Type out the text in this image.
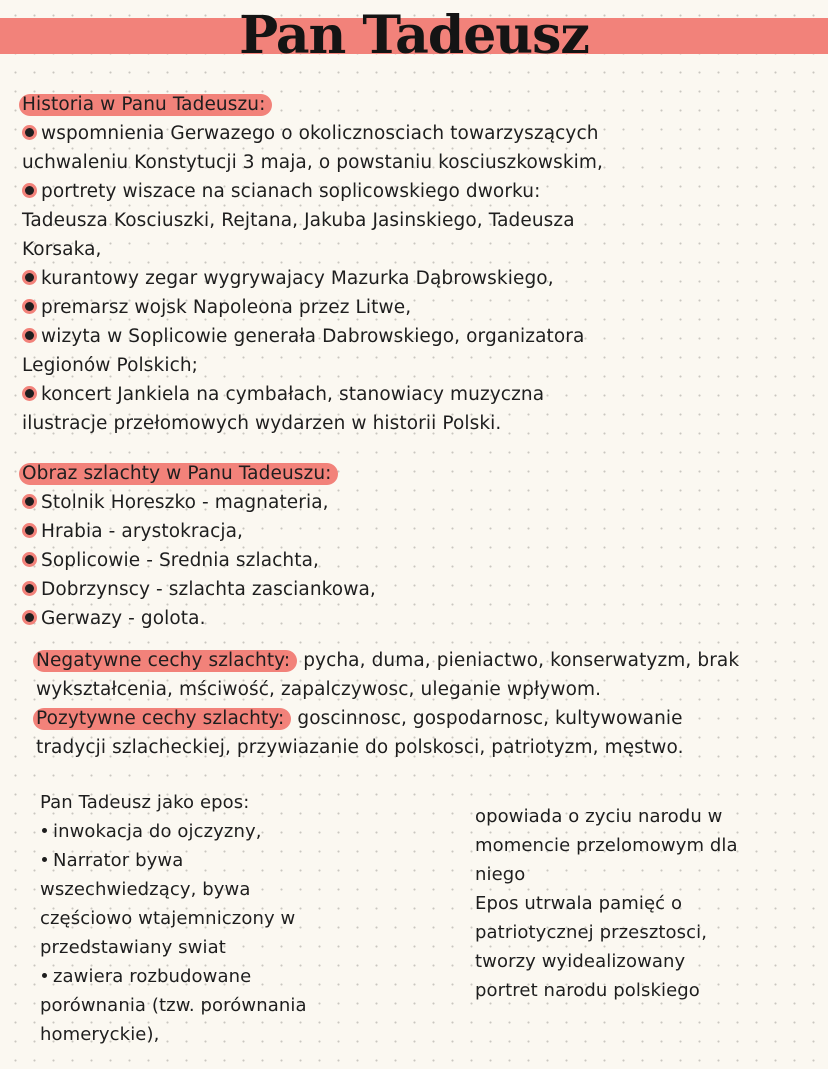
Pan Tadeusz
Historia w Panu Tadeuszu:
wspomnienia Gerwazego o okolicznosciach towarzyszących
uchwaleniu Konstytucji 3 maja, o powstaniu kosciuszkowskim,
portrety wiszace na scianach soplicowskiego dworku:
Tadeusza Kosciuszki, Rejtana, Jakuba Jasinskiego, Tadeusza
Korsaka,
kurantowy zegar wygrywajacy Mazurka Dąbrowskiego,
premarsz wojsk Napoleona przez Litwe,
wizyta w Soplicowie generała Dabrowskiego, organizatora
Legionów Polskich;
koncert Jankiela na cymbałach, stanowiacy muzyczna
ilustracje przełomowych wydarzen w historii Polski.
Obraz szlachty w Panu Tadeuszu:
Stolnik Horeszko - magnateria,
Hrabia - arystokracja,
Soplicowie - Srednia szlachta,
Dobrzynscy - szlachta zasciankowa,
Gerwazy - golota.
Negatywne cechy szlachty: pycha, duma, pieniactwo, konserwatyzm, brak
wykształcenia, mściwość, zapalczywosc, uleganie wpływom.
Pozytywne cechy szlachty: goscinnosc, gospodarnosc, kultywowanie
tradycji szlacheckiej, przywiazanie do polskosci, patriotyzm, męstwo.
Pan Tadeusz jako epos:
inwokacja do ojczyzny,
Narrator bywa
wszechwiedzący, bywa
częściowo wtajemniczony w
przedstawiany swiat
zawiera rozbudowane
porównania (tzw. porównania
homeryckie),
opowiada o zyciu narodu w
momencie przelomowym dla
niego
Epos utrwala pamięć o
patriotycznej przesztosci,
tworzy wyidealizowany
portret narodu polskiego
